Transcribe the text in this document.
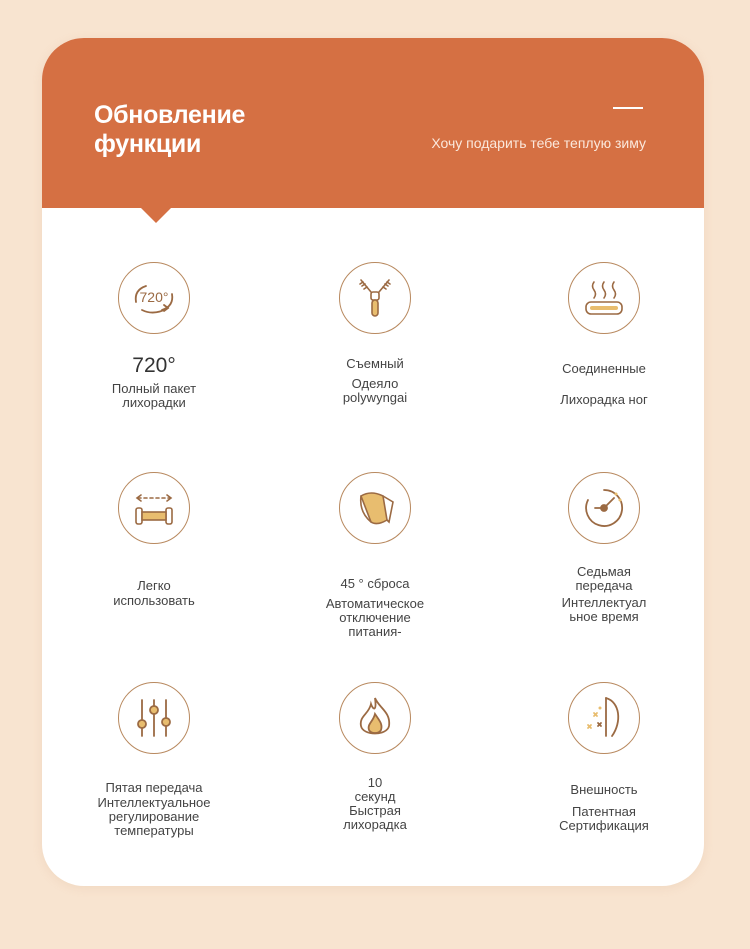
Обновление
функции	Хочу подарить тебе теплую зиму
720°
720°
Полный пакет
лихорадки
Съемный
Одеяло
polywyngai
Соединенные
Лихорадка ног
Легко
использовать
45 ° сброса
Автоматическое
отключение
питания-
Седьмая
передача
Интеллектуал
ьное время
Пятая передача
Интеллектуальное
регулирование
температуры
10
секунд
Быстрая
лихорадка
Внешность
Патентная
Сертификация
